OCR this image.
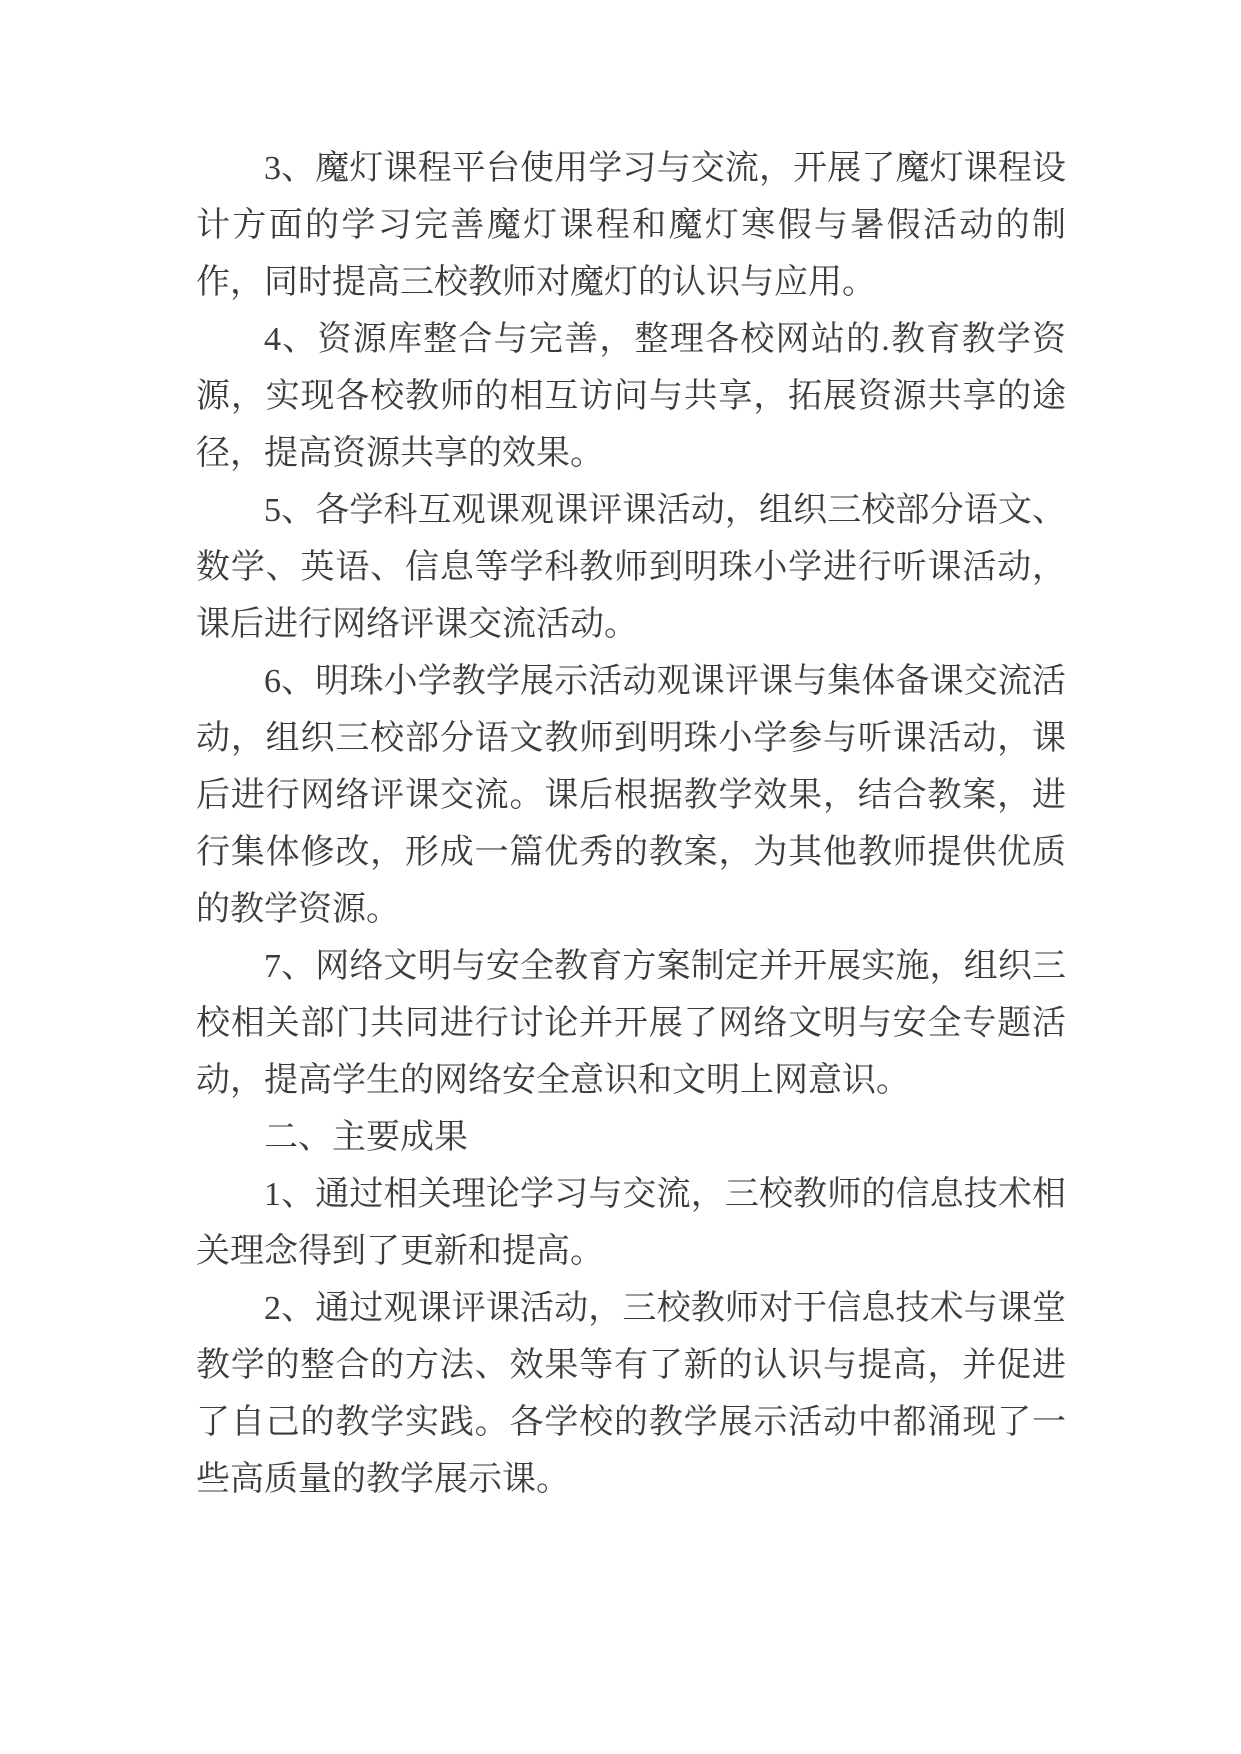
3、魔灯课程平台使用学习与交流，开展了魔灯课程设计方面的学习完善魔灯课程和魔灯寒假与暑假活动的制作，同时提高三校教师对魔灯的认识与应用。

4、资源库整合与完善，整理各校网站的.教育教学资源，实现各校教师的相互访问与共享，拓展资源共享的途径，提高资源共享的效果。

5、各学科互观课观课评课活动，组织三校部分语文、数学、英语、信息等学科教师到明珠小学进行听课活动，课后进行网络评课交流活动。

6、明珠小学教学展示活动观课评课与集体备课交流活动，组织三校部分语文教师到明珠小学参与听课活动，课后进行网络评课交流。课后根据教学效果，结合教案，进行集体修改，形成一篇优秀的教案，为其他教师提供优质的教学资源。

7、网络文明与安全教育方案制定并开展实施，组织三校相关部门共同进行讨论并开展了网络文明与安全专题活动，提高学生的网络安全意识和文明上网意识。

二、主要成果

1、通过相关理论学习与交流，三校教师的信息技术相关理念得到了更新和提高。

2、通过观课评课活动，三校教师对于信息技术与课堂教学的整合的方法、效果等有了新的认识与提高，并促进了自己的教学实践。各学校的教学展示活动中都涌现了一些高质量的教学展示课。
